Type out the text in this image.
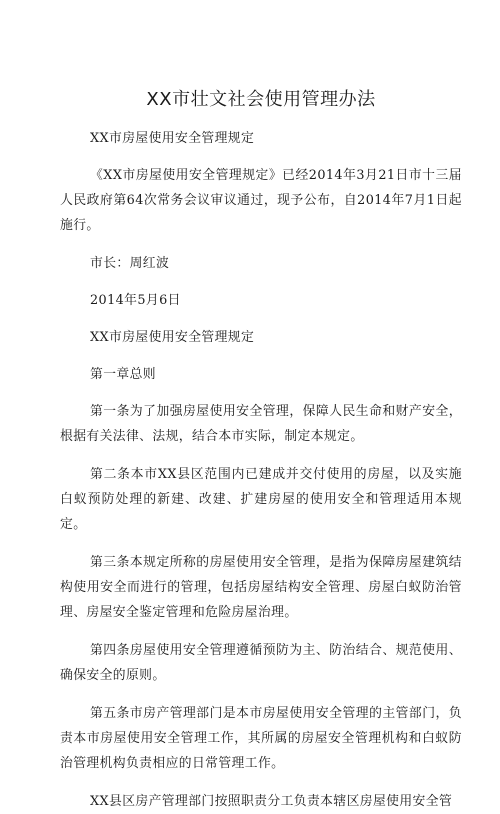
XX市壮文社会使用管理办法

XX市房屋使用安全管理规定

《XX市房屋使用安全管理规定》已经2014年3月21日市十三届人民政府第64次常务会议审议通过，现予公布，自2014年7月1日起施行。

市长：周红波

2014年5月6日

XX市房屋使用安全管理规定

第一章总则

第一条为了加强房屋使用安全管理，保障人民生命和财产安全，根据有关法律、法规，结合本市实际，制定本规定。

第二条本市XX县区范围内已建成并交付使用的房屋，以及实施白蚁预防处理的新建、改建、扩建房屋的使用安全和管理适用本规定。

第三条本规定所称的房屋使用安全管理，是指为保障房屋建筑结构使用安全而进行的管理，包括房屋结构安全管理、房屋白蚁防治管理、房屋安全鉴定管理和危险房屋治理。

第四条房屋使用安全管理遵循预防为主、防治结合、规范使用、确保安全的原则。

第五条市房产管理部门是本市房屋使用安全管理的主管部门，负责本市房屋使用安全管理工作，其所属的房屋安全管理机构和白蚁防治管理机构负责相应的日常管理工作。

XX县区房产管理部门按照职责分工负责本辖区房屋使用安全管
